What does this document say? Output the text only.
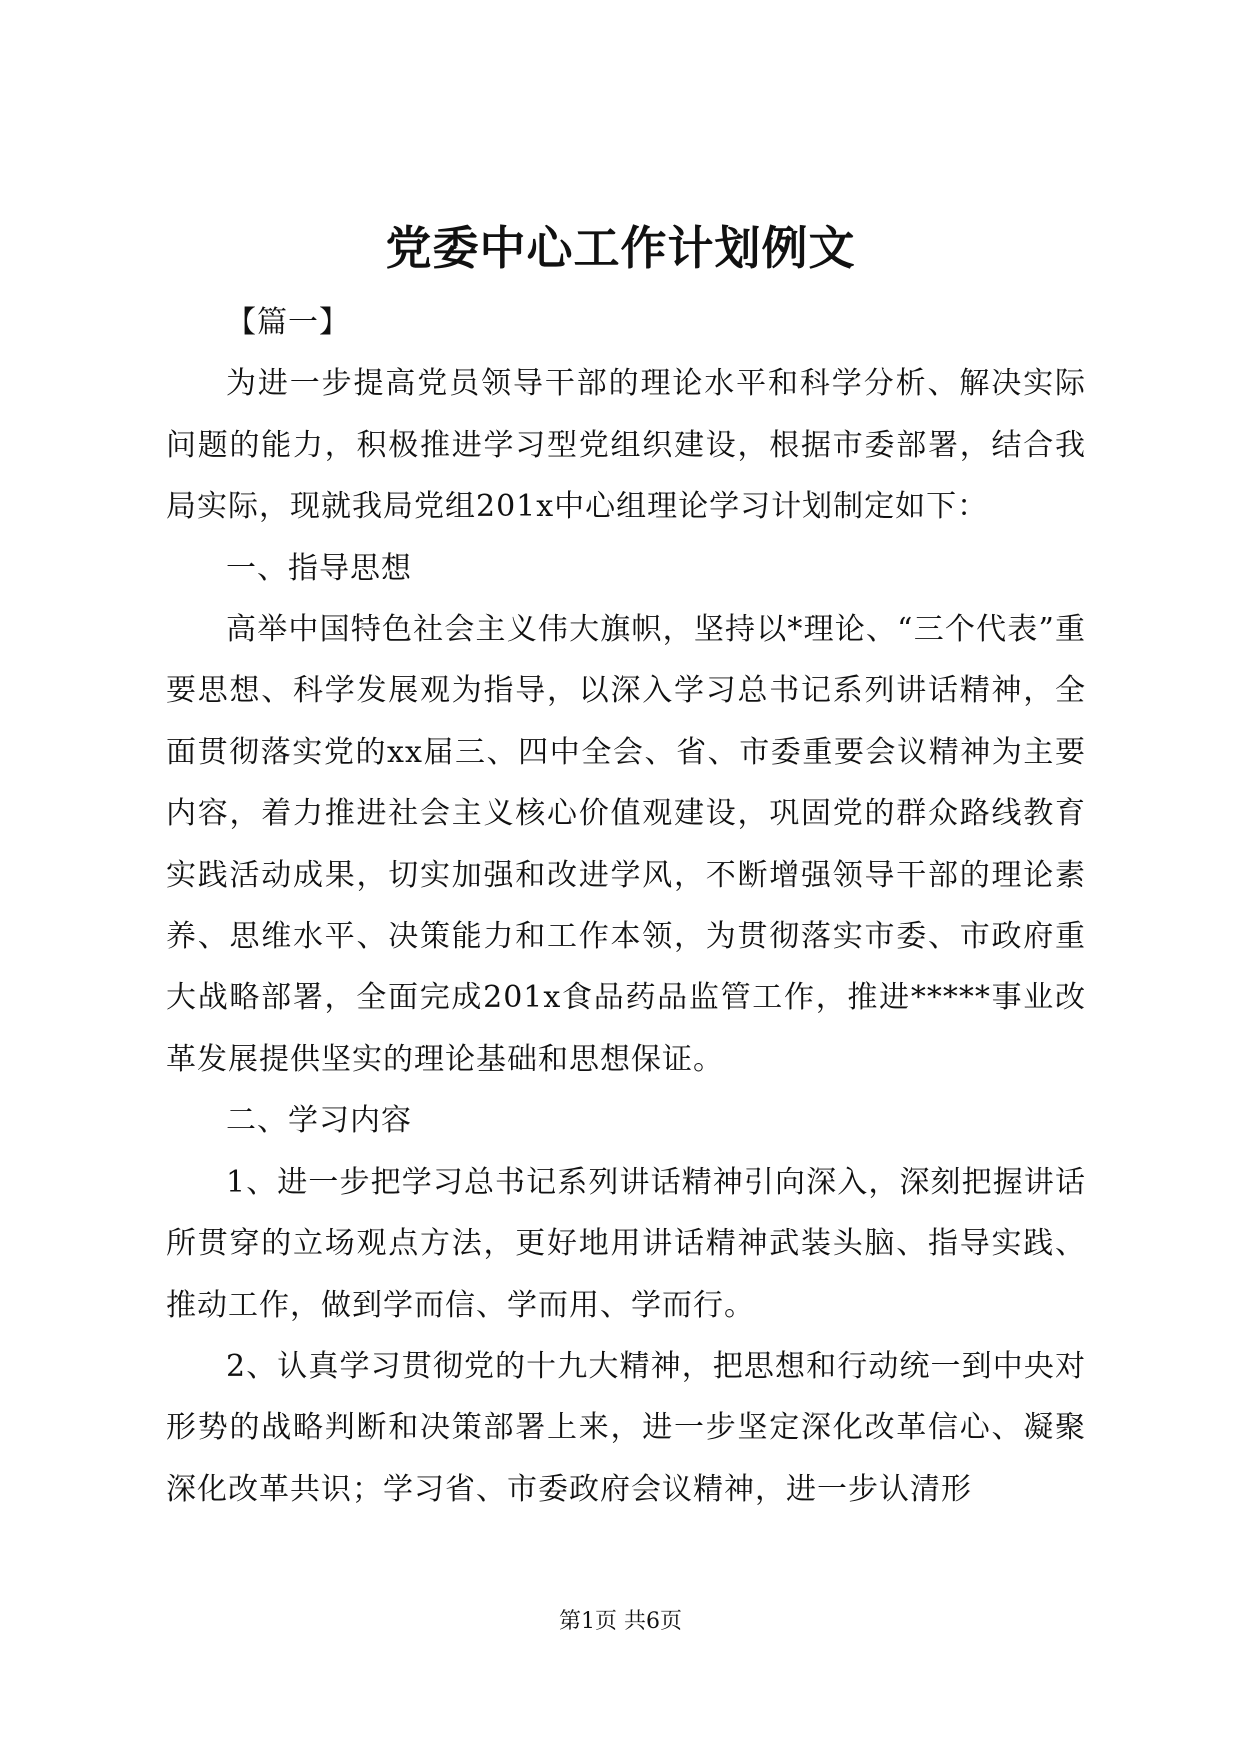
党委中心工作计划例文

【篇一】

为进一步提高党员领导干部的理论水平和科学分析、解决实际问题的能力，积极推进学习型党组织建设，根据市委部署，结合我局实际，现就我局党组201x中心组理论学习计划制定如下：

一、指导思想

高举中国特色社会主义伟大旗帜，坚持以*理论、“三个代表”重要思想、科学发展观为指导，以深入学习总书记系列讲话精神，全面贯彻落实党的xx届三、四中全会、省、市委重要会议精神为主要内容，着力推进社会主义核心价值观建设，巩固党的群众路线教育实践活动成果，切实加强和改进学风，不断增强领导干部的理论素养、思维水平、决策能力和工作本领，为贯彻落实市委、市政府重大战略部署，全面完成201x食品药品监管工作，推进*****事业改革发展提供坚实的理论基础和思想保证。

二、学习内容

1、进一步把学习总书记系列讲话精神引向深入，深刻把握讲话所贯穿的立场观点方法，更好地用讲话精神武装头脑、指导实践、推动工作，做到学而信、学而用、学而行。

2、认真学习贯彻党的十九大精神，把思想和行动统一到中央对形势的战略判断和决策部署上来，进一步坚定深化改革信心、凝聚深化改革共识；学习省、市委政府会议精神，进一步认清形

第1页 共6页
